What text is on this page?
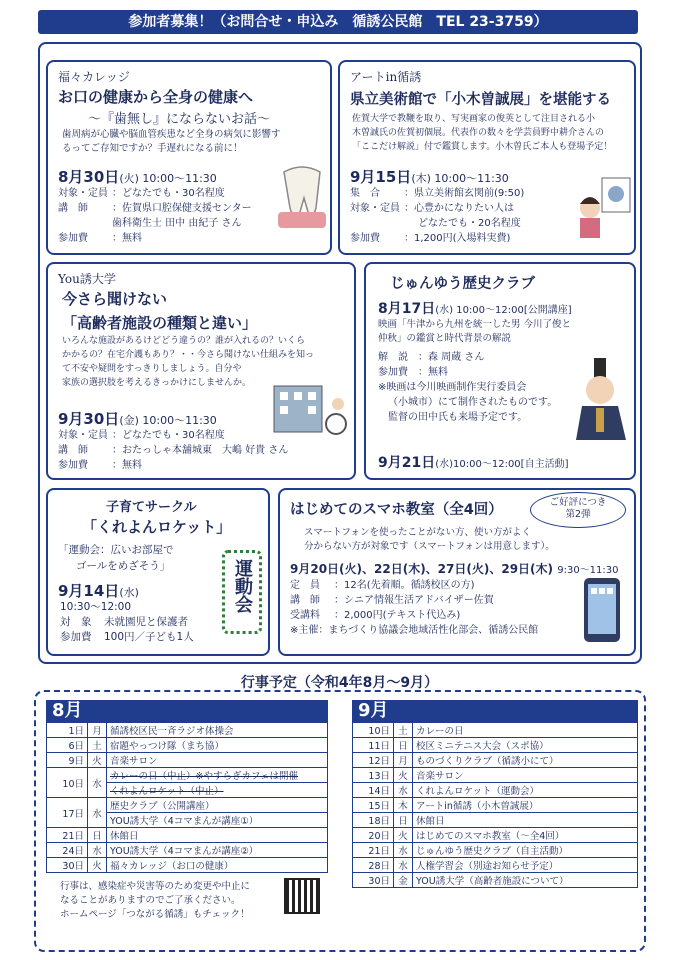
参加者募集！（お問合せ・申込み　循誘公民館　TEL 23-3759）
福々カレッジ
お口の健康から全身の健康へ
～『歯無し』にならないお話～
歯周病が心臓や脳血管疾患など全身の病気に影響す
るってご存知ですか？手遅れになる前に！
8月30日(火) 10:00～11:30
対象・定員 ：どなたでも・30名程度
講　師	：佐賀県口腔保健支援センター
歯科衛生士 田中 由紀子 さん
参加費	：無料
アートin循誘
県立美術館で「小木曽誠展」を堪能する
佐賀大学で教鞭を取り、写実画家の俊英として注目される小
木曽誠氏の佐賀初個展。代表作の数々を学芸員野中耕介さんの
「ここだけ解説」付で鑑賞します。小木曽氏ご本人も登場予定！
9月15日(木) 10:00～11:30
集　合	：県立美術館玄関前(9:50)
対象・定員 ：心豊かになりたい人は
どなたでも・20名程度
参加費	：1,200円(入場料実費)
You誘大学
今さら聞けない
「高齢者施設の種類と違い」
いろんな施設があるけどどう違うの？誰が入れるの？いくら
かかるの？在宅介護もあり？・・今さら聞けない仕組みを知っ
て不安や疑問をすっきりしましょう。自分や
家族の選択肢を考えるきっかけにしませんか。
9月30日(金) 10:00～11:30
対象・定員 ：どなたでも・30名程度
講　師	：おたっしゃ本舗城東　大嶋 好貴 さん
参加費	：無料
じゅんゆう歴史クラブ
8月17日(水) 10:00～12:00[公開講座]
映画「牛津から九州を統一した男 今川了俊と
仲秋」の鑑賞と時代背景の解説
解　説	：森 周蔵 さん
参加費	：無料
※映画は今川映画制作実行委員会
（小城市）にて制作されたものです。
監督の田中氏も来場予定です。
9月21日(水)10:00～12:00[自主活動]
子育てサークル
「くれよんロケット」
「運動会：広いお部屋で
ゴールをめざそう」
9月14日(水)
10:30～12:00
対　象	未就園児と保護者
参加費	100円／子ども1人
運動会
はじめてのスマホ教室（全4回）	ご好評につき
第2弾
スマートフォンを使ったことがない方、使い方がよく
分からない方が対象です（スマートフォンは用意します）。
9月20日(火)、22日(木)、27日(火)、29日(木) 9:30～11:30
定　員	：12名(先着順。循誘校区の方)
講　師	：シニア情報生活アドバイザー佐賀
受講料	：2,000円(テキスト代込み)
※主催：まちづくり協議会地域活性化部会、循誘公民館
行事予定（令和4年8月～9月）
8月
1日	月	循誘校区民一斉ラジオ体操会
6日	土	宿題やっつけ隊（まち協）
9日	火	音楽サロン
10日	水	カレーの日（中止）※やすらぎカフェは開催
		くれよんロケット（中止）
17日	水	歴史クラブ（公開講座）
		YOU誘大学（4コマまんが講座①）
21日	日	休館日
24日	水	YOU誘大学（4コマまんが講座②）
30日	火	福々カレッジ（お口の健康）
9月
10日	土	カレーの日
11日	日	校区ミニテニス大会（スポ協）
12日	月	ものづくりクラブ（循誘小にて）
13日	火	音楽サロン
14日	水	くれよんロケット（運動会）
15日	木	アートin循誘（小木曽誠展）
18日	日	休館日
20日	火	はじめてのスマホ教室（～全4回）
21日	水	じゅんゆう歴史クラブ（自主活動）
28日	水	人権学習会（別途お知らせ予定）
30日	金	YOU誘大学（高齢者施設について）
行事は、感染症や災害等のため変更や中止に
なることがありますのでご了承ください。
ホームページ「つながる循誘」もチェック！
